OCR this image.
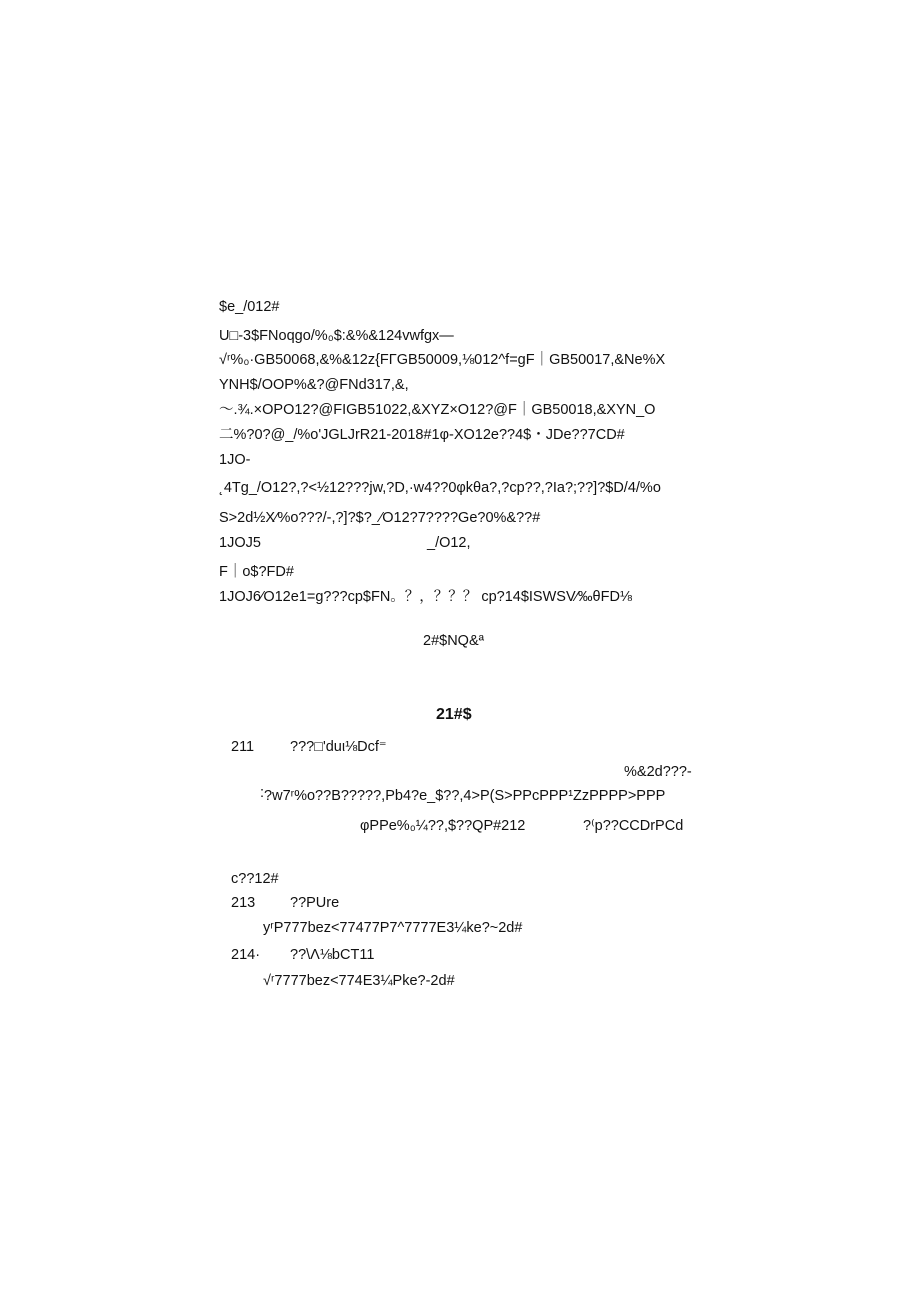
$e_/012#
U□-3$FNoqgo/%₀$:&%&124vwfgx—
√ʳ%₀·GB50068,&%&12z{FΓGB50009,⅛012^f=gF｜GB50017,&Ne%X
YNH$/OOP%&?@FNd317,&,
～.¾.×OPO12?@FIGB51022,&XYZ×O12?@F｜GB50018,&XYN_O
二%?0?@_/%o'JGLJrR21-2018#1φ-XO12e??4$・JDe??7CD#
1JO-
˛4Tg_/O12?,?<½12???jw,?D,·w4??0φkθa?,?cp??,?Ia?;??]?$D/4/%o
S>2d½X⁄%o???/-,?]?$?_⁄O12?7????Ge?0%&??#
1JOJ5	_/O12,
F｜o$?FD#
1JOJ6⁄O12e1=g???cp$FN。？，？？？ cp?14$ISWSV⁄‰θFD⅛
2#$NQ&ª
21#$
211 ???□'duι⅛Dcf⁼
%&2d???-
˸?w7ʳ%o??B?????,Pb4?e_$??,4>P(S>PPcPPP¹ZzPPPP>PPP
φPPe%₀¼??,$??QP#212	?⁽p??CCDrPCd
c??12#
213 ??PUre
yʳP777bez<77477P7^7777E3¼ke?~2d#
214· ??\Λ⅛bCT11
√ʳ7777bez<774E3¼Pke?-2d#
